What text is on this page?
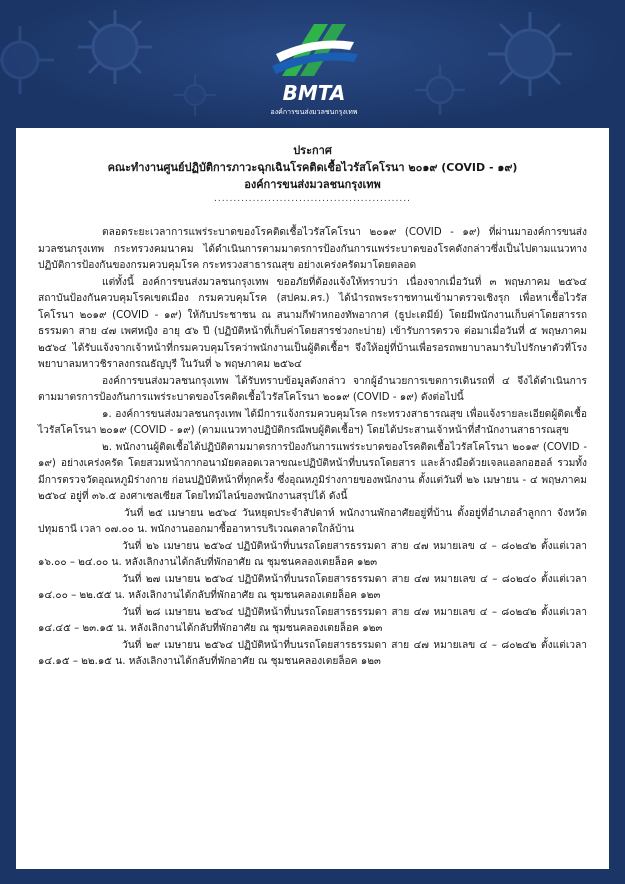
BMTA
องค์การขนส่งมวลชนกรุงเทพ
ประกาศ
คณะทำงานศูนย์ปฏิบัติการภาวะฉุกเฉินโรคติดเชื้อไวรัสโคโรนา ๒๐๑๙ (COVID - ๑๙)
องค์การขนส่งมวลชนกรุงเทพ
...................................................

ตลอดระยะเวลาการแพร่ระบาดของโรคติดเชื้อไวรัสโคโรนา ๒๐๑๙ (COVID - ๑๙) ที่ผ่านมาองค์การขนส่งมวลชนกรุงเทพ กระทรวงคมนาคม ได้ดำเนินการตามมาตรการป้องกันการแพร่ระบาดของโรคดังกล่าวซึ่งเป็นไปตามแนวทางปฏิบัติการป้องกันของกรมควบคุมโรค กระทรวงสาธารณสุข อย่างเคร่งครัดมาโดยตลอด

แต่ทั้งนี้ องค์การขนส่งมวลชนกรุงเทพ ขออภัยที่ต้องแจ้งให้ทราบว่า เนื่องจากเมื่อวันที่ ๓ พฤษภาคม ๒๕๖๔ สถาบันป้องกันควบคุมโรคเขตเมือง กรมควบคุมโรค (สปคม.คร.) ได้นำรถพระราชทานเข้ามาตรวจเชิงรุก เพื่อหาเชื้อไวรัสโคโรนา ๒๐๑๙ (COVID - ๑๙) ให้กับประชาชน ณ สนามกีฬาหกองทัพอากาศ (ธูปะเตมีย์) โดยมีพนักงานเก็บค่าโดยสารรถธรรมดา สาย ๔๗ เพศหญิง อายุ ๕๖ ปี (ปฏิบัติหน้าที่เก็บค่าโดยสารช่วงกะบ่าย) เข้ารับการตรวจ ต่อมาเมื่อวันที่ ๕ พฤษภาคม ๒๕๖๔ ได้รับแจ้งจากเจ้าหน้าที่กรมควบคุมโรคว่าพนักงานเป็นผู้ติดเชื้อฯ จึงให้อยู่ที่บ้านเพื่อรอรถพยาบาลมารับไปรักษาตัวที่โรงพยาบาลมหาวชิราลงกรณธัญบุรี ในวันที่ ๖ พฤษภาคม ๒๕๖๔

องค์การขนส่งมวลชนกรุงเทพ ได้รับทราบข้อมูลดังกล่าว จากผู้อำนวยการเขตการเดินรถที่ ๔ จึงได้ดำเนินการตามมาตรการป้องกันการแพร่ระบาดของโรคติดเชื้อไวรัสโคโรนา ๒๐๑๙ (COVID - ๑๙) ดังต่อไปนี้

๑. องค์การขนส่งมวลชนกรุงเทพ ได้มีการแจ้งกรมควบคุมโรค กระทรวงสาธารณสุข เพื่อแจ้งรายละเอียดผู้ติดเชื้อไวรัสโคโรนา ๒๐๑๙ (COVID - ๑๙) (ตามแนวทางปฏิบัติกรณีพบผู้ติดเชื้อฯ) โดยได้ประสานเจ้าหน้าที่สำนักงานสาธารณสุข

๒. พนักงานผู้ติดเชื้อได้ปฏิบัติตามมาตรการป้องกันการแพร่ระบาดของโรคติดเชื้อไวรัสโคโรนา ๒๐๑๙ (COVID - ๑๙) อย่างเคร่งครัด โดยสวมหน้ากากอนามัยตลอดเวลาขณะปฏิบัติหน้าที่บนรถโดยสาร และล้างมือด้วยเจลแอลกอฮอล์ รวมทั้ง มีการตรวจวัดอุณหภูมิร่างกาย ก่อนปฏิบัติหน้าที่ทุกครั้ง ซึ่งอุณหภูมิร่างกายของพนักงาน ตั้งแต่วันที่ ๒๖ เมษายน - ๔ พฤษภาคม ๒๕๖๔ อยู่ที่ ๓๖.๕ องศาเซลเซียส โดยไทม์ไลน์ของพนักงานสรุปได้ ดังนี้

วันที่ ๒๕ เมษายน ๒๕๖๔ วันหยุดประจำสัปดาห์ พนักงานพักอาศัยอยู่ที่บ้าน ตั้งอยู่ที่อำเภอลำลูกกา จังหวัดปทุมธานี เวลา ๐๗.๐๐ น. พนักงานออกมาซื้ออาหารบริเวณตลาดใกล้บ้าน

วันที่ ๒๖ เมษายน ๒๕๖๔ ปฏิบัติหน้าที่บนรถโดยสารธรรมดา สาย ๔๗ หมายเลข ๔ – ๘๐๒๔๒ ตั้งแต่เวลา ๑๖.๐๐ – ๒๔.๐๐ น. หลังเลิกงานได้กลับที่พักอาศัย ณ ชุมชนคลองเตยล็อค ๑๒๓

วันที่ ๒๗ เมษายน ๒๕๖๔ ปฏิบัติหน้าที่บนรถโดยสารธรรมดา สาย ๔๗ หมายเลข ๔ – ๘๐๒๔๐ ตั้งแต่เวลา ๑๔.๐๐ – ๒๒.๕๕ น. หลังเลิกงานได้กลับที่พักอาศัย ณ ชุมชนคลองเตยล็อค ๑๒๓

วันที่ ๒๘ เมษายน ๒๕๖๔ ปฏิบัติหน้าที่บนรถโดยสารธรรมดา สาย ๔๗ หมายเลข ๔ – ๘๐๒๔๒ ตั้งแต่เวลา ๑๔.๔๕ – ๒๓.๑๕ น. หลังเลิกงานได้กลับที่พักอาศัย ณ ชุมชนคลองเตยล็อค ๑๒๓

วันที่ ๒๙ เมษายน ๒๕๖๔ ปฏิบัติหน้าที่บนรถโดยสารธรรมดา สาย ๔๗ หมายเลข ๔ – ๘๐๒๔๒ ตั้งแต่เวลา ๑๔.๑๕ – ๒๒.๑๕ น. หลังเลิกงานได้กลับที่พักอาศัย ณ ชุมชนคลองเตยล็อค ๑๒๓
